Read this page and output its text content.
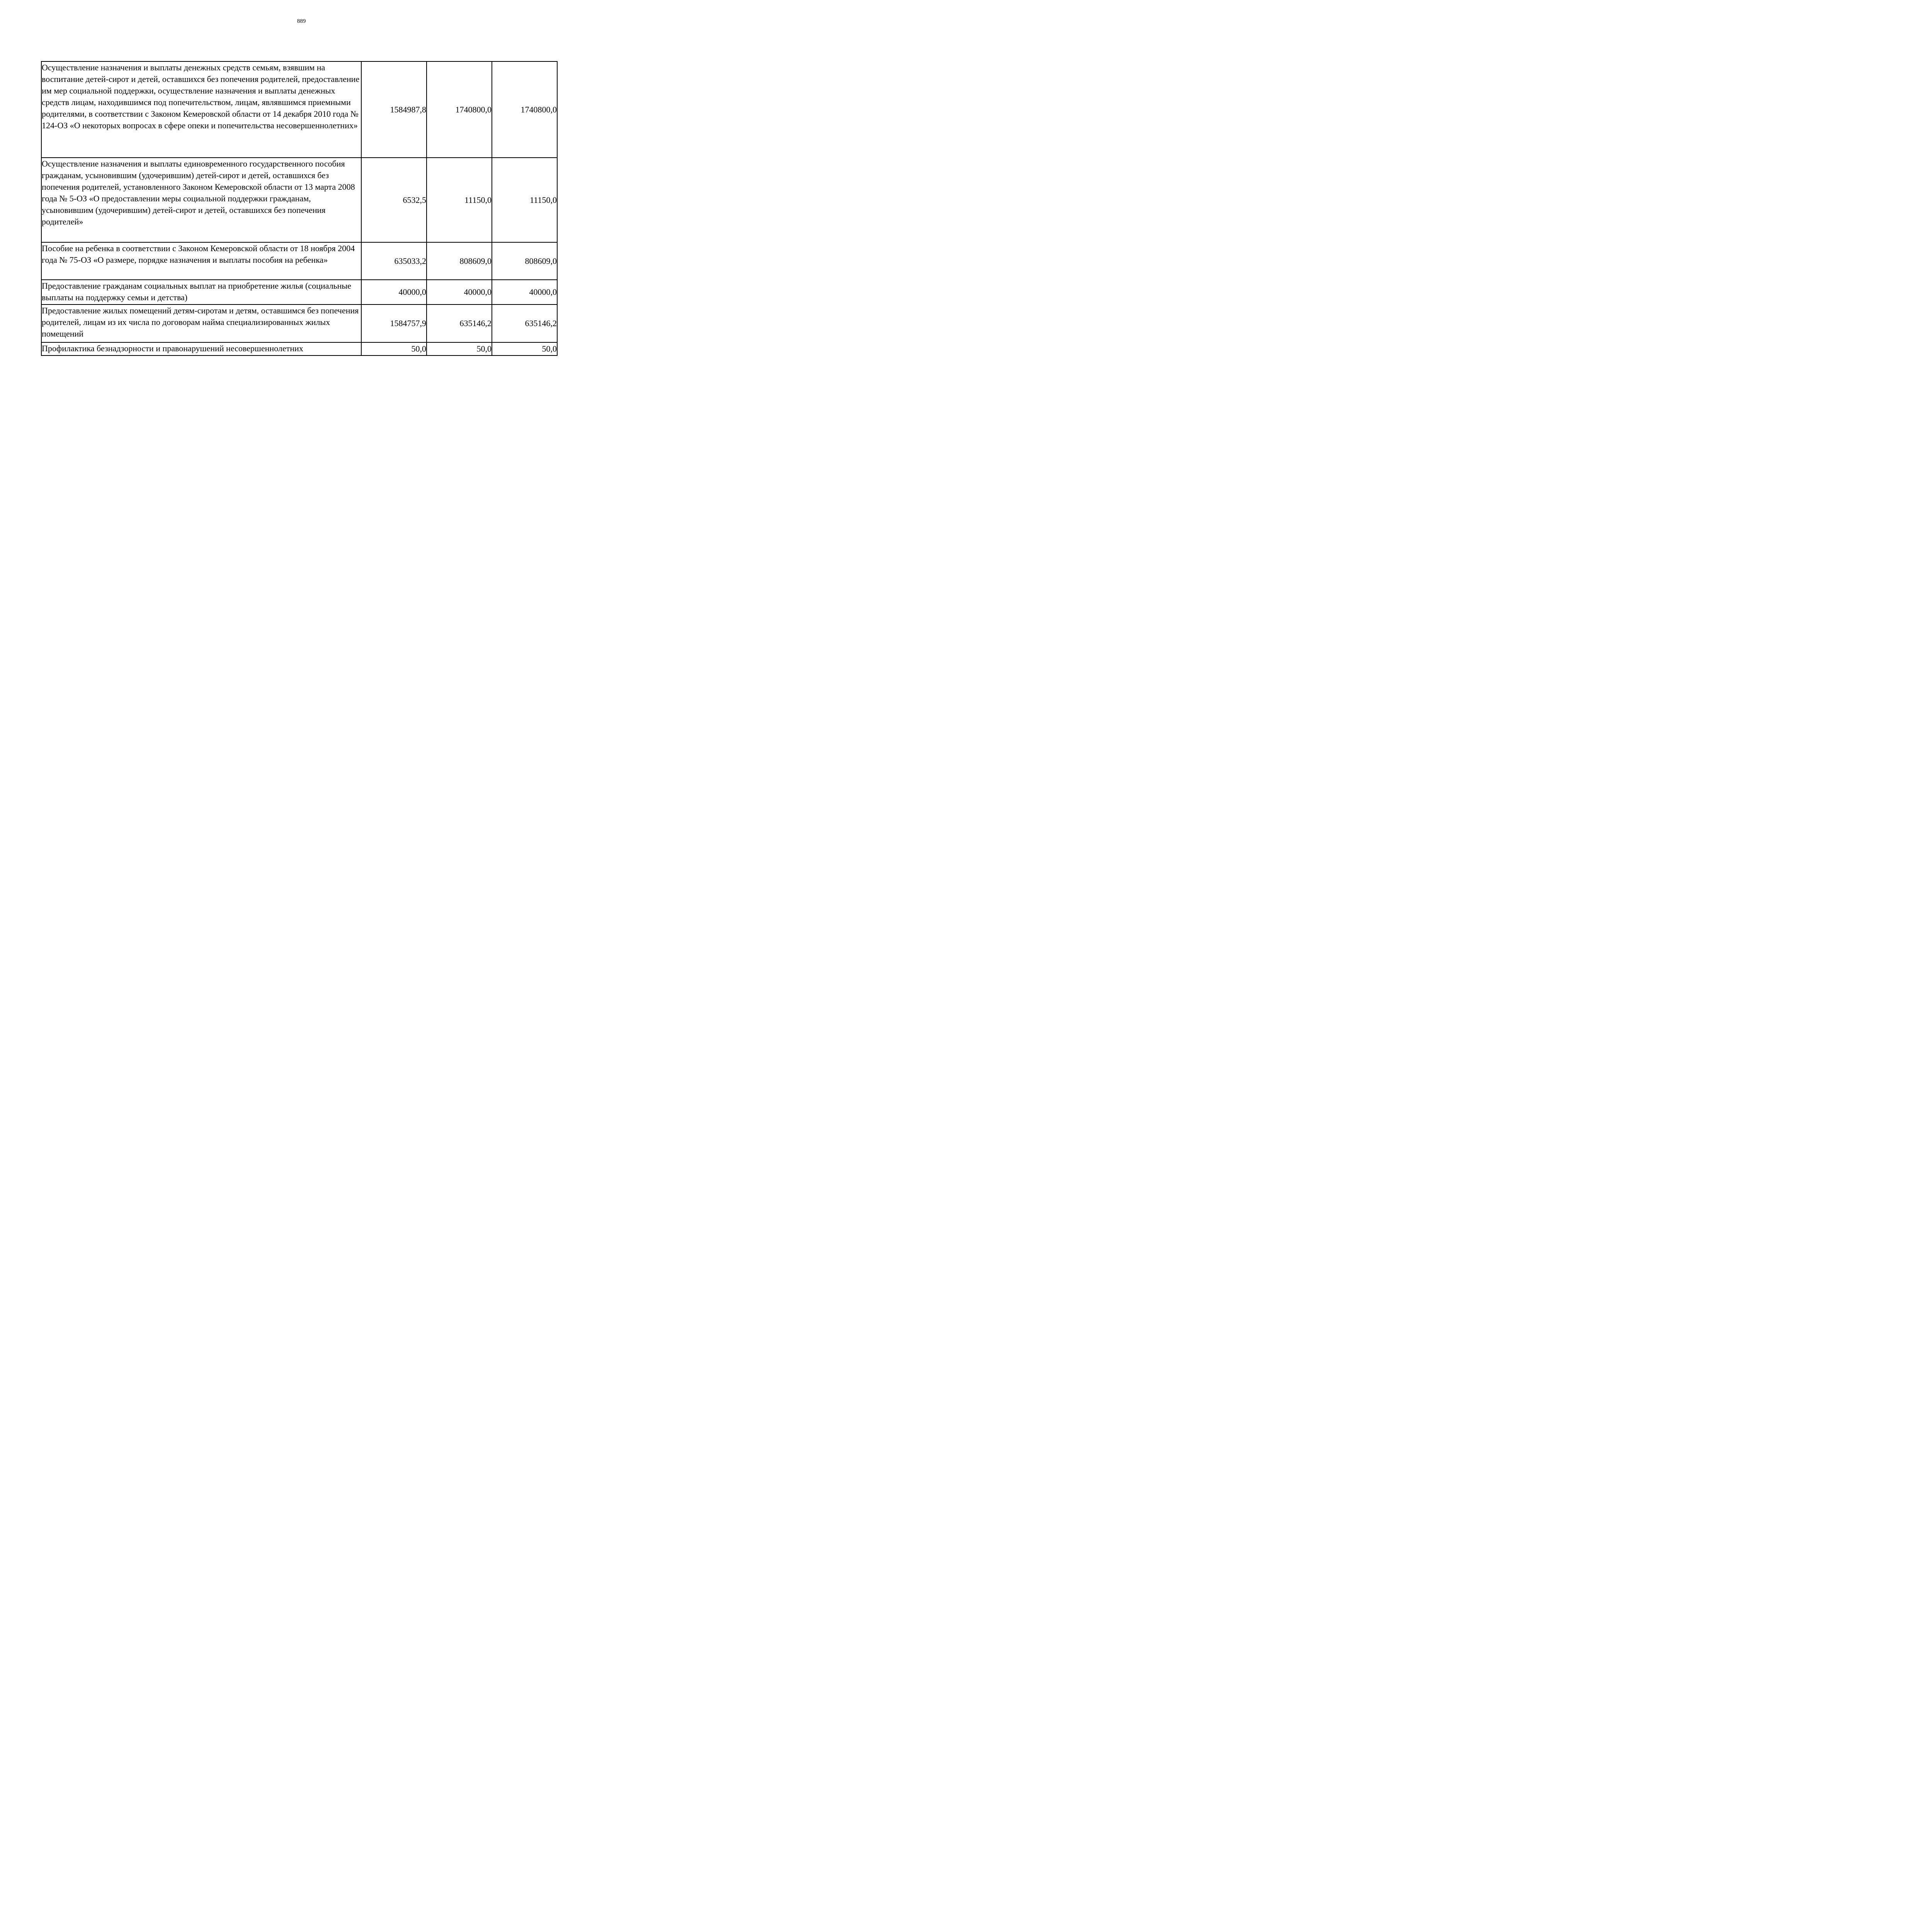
889
Осуществление назначения и выплаты денежных средств семьям, взявшим на воспитание детей-сирот и детей, оставшихся без попечения родителей, предоставление им мер социальной поддержки, осуществление назначения и выплаты денежных средств лицам, находившимся под попечительством, лицам, являвшимся приемными родителями, в соответствии с Законом Кемеровской области от 14 декабря 2010 года № 124-ОЗ «О некоторых вопросах в сфере опеки и попечительства несовершеннолетних»	1584987,8	1740800,0	1740800,0
Осуществление назначения и выплаты единовременного государственного пособия гражданам, усыновившим (удочерившим) детей-сирот и детей, оставшихся без попечения родителей, установленного Законом Кемеровской области от 13 марта 2008 года № 5-ОЗ «О предоставлении меры социальной поддержки гражданам, усыновившим (удочерившим) детей-сирот и детей, оставшихся без попечения родителей»	6532,5	11150,0	11150,0
Пособие на ребенка в соответствии с Законом Кемеровской области от 18 ноября 2004 года № 75-ОЗ «О размере, порядке назначения и выплаты пособия на ребенка»	635033,2	808609,0	808609,0
Предоставление гражданам социальных выплат на приобретение жилья (социальные выплаты на поддержку семьи и детства)	40000,0	40000,0	40000,0
Предоставление жилых помещений детям-сиротам и детям, оставшимся без попечения родителей, лицам из их числа по договорам найма специализированных жилых помещений	1584757,9	635146,2	635146,2
Профилактика безнадзорности и правонарушений несовершеннолетних	50,0	50,0	50,0
